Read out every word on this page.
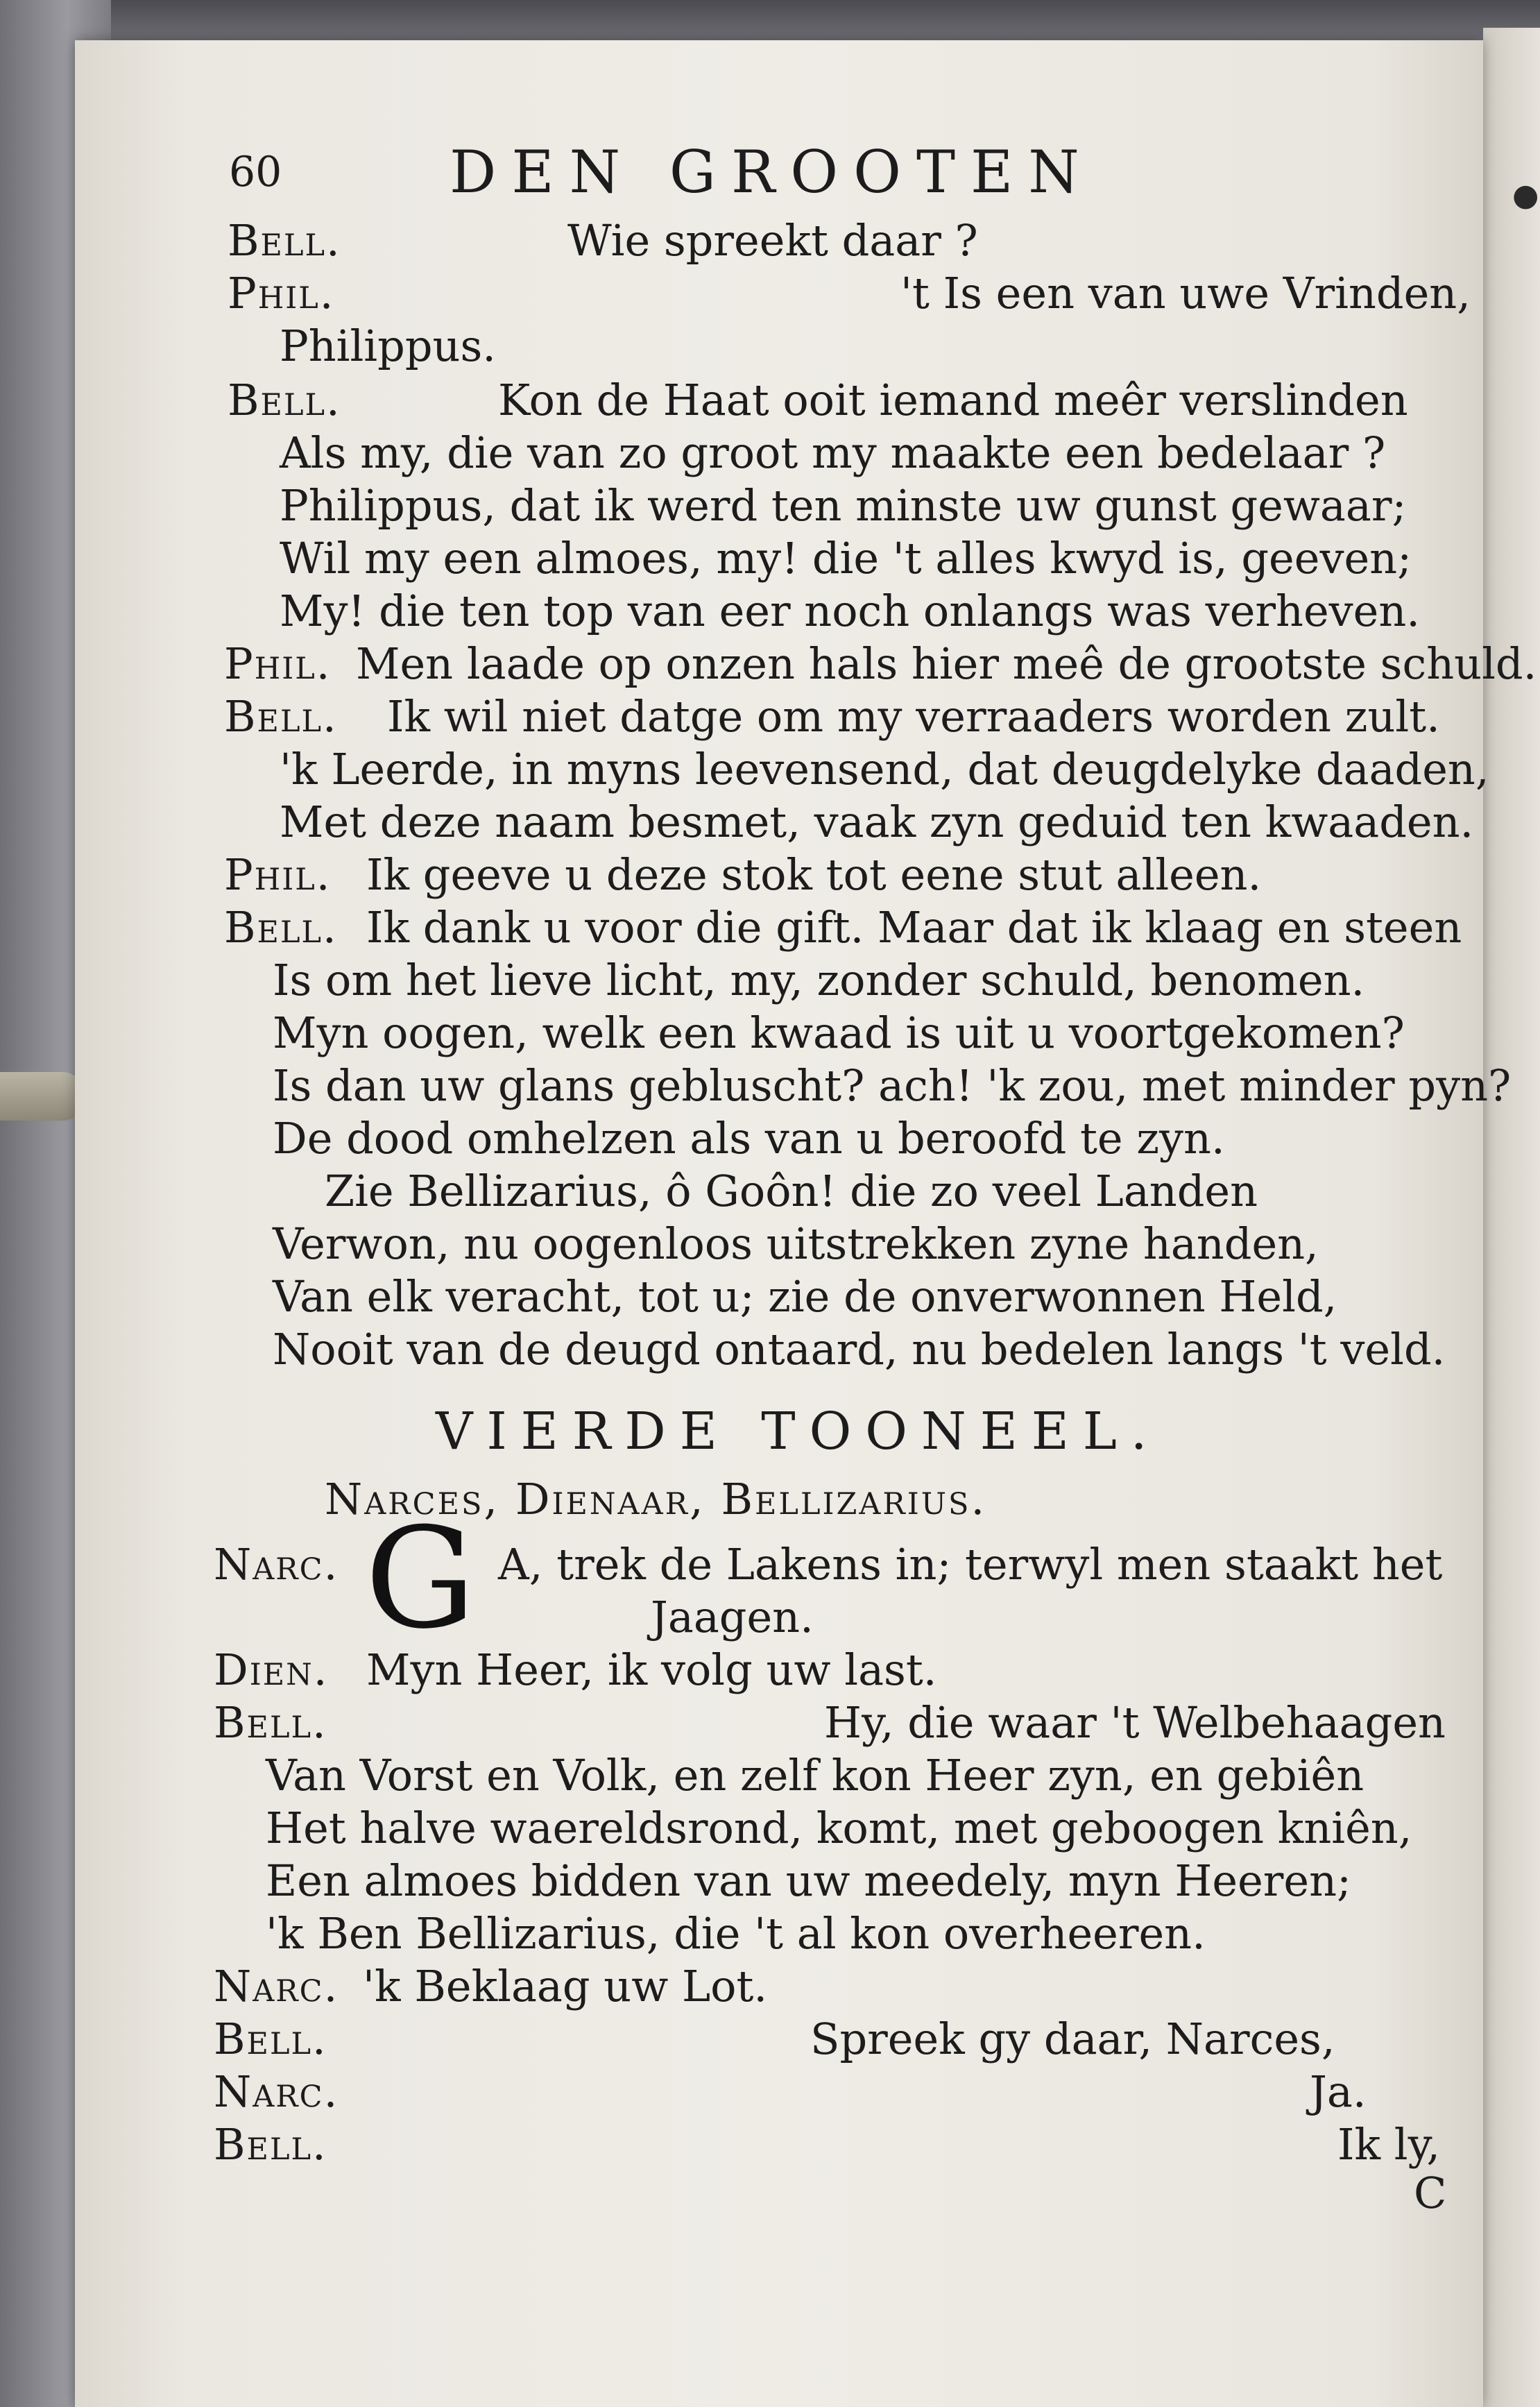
60	DEN GROOTEN
Bell.	Wie spreekt daar ?
Phil.	't Is een van uwe Vrinden,
Philippus.
Bell.	Kon de Haat ooit iemand meêr verslinden
Als my, die van zo groot my maakte een bedelaar ?
Philippus, dat ik werd ten minste uw gunst gewaar;
Wil my een almoes, my! die 't alles kwyd is, geeven;
My! die ten top van eer noch onlangs was verheven.
Phil. Men laade op onzen hals hier meê de grootste schuld.
Bell. Ik wil niet datge om my verraaders worden zult.
'k Leerde, in myns leevensend, dat deugdelyke daaden,
Met deze naam besmet, vaak zyn geduid ten kwaaden.
Phil. Ik geeve u deze stok tot eene stut alleen.
Bell. Ik dank u voor die gift. Maar dat ik klaag en steen
Is om het lieve licht, my, zonder schuld, benomen.
Myn oogen, welk een kwaad is uit u voortgekomen?
Is dan uw glans gebluscht? ach! 'k zou, met minder pyn?
De dood omhelzen als van u beroofd te zyn.
Zie Bellizarius, ô Goôn! die zo veel Landen
Verwon, nu oogenloos uitstrekken zyne handen,
Van elk veracht, tot u; zie de onverwonnen Held,
Nooit van de deugd ontaard, nu bedelen langs 't veld.
VIERDE TOONEEL.
Narces, Dienaar, Bellizarius.
Narc. G A, trek de Lakens in; terwyl men staakt het
Jaagen.
Dien. Myn Heer, ik volg uw last.
Bell.	Hy, die waar 't Welbehaagen
Van Vorst en Volk, en zelf kon Heer zyn, en gebiên
Het halve waereldsrond, komt, met geboogen kniên,
Een almoes bidden van uw meedely, myn Heeren;
'k Ben Bellizarius, die 't al kon overheeren.
Narc. 'k Beklaag uw Lot.
Bell.	Spreek gy daar, Narces,
Narc.	Ja.
Bell.	Ik ly,
C
●
